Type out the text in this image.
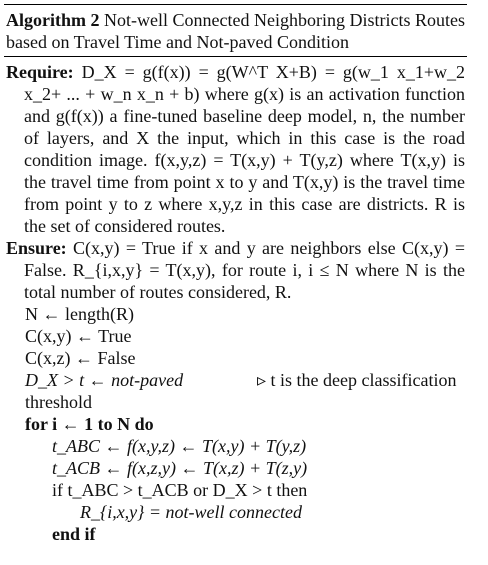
Algorithm 2 Not-well Connected Neighboring Districts Routes based on Travel Time and Not-paved Condition
Require: D_X = g(f(x)) = g(W^T X+B) = g(w_1 x_1+w_2 x_2+ ... + w_n x_n + b) where g(x) is an activation function and g(f(x)) a fine-tuned baseline deep model, n, the number of layers, and X the input, which in this case is the road condition image. f(x,y,z) = T(x,y) + T(y,z) where T(x,y) is the travel time from point x to y and T(x,y) is the travel time from point y to z where x,y,z in this case are districts. R is the set of considered routes.
Ensure: C(x,y) = True if x and y are neighbors else C(x,y) = False. R_{i,x,y} = T(x,y), for route i, i ≤ N where N is the total number of routes considered, R.
N ← length(R)
C(x,y) ← True
C(x,z) ← False
D_X > t ← not-paved	▹ t is the deep classification
threshold
for i ← 1 to N do
t_ABC ← f(x,y,z) ← T(x,y) + T(y,z)
t_ACB ← f(x,z,y) ← T(x,z) + T(z,y)
if t_ABC > t_ACB or D_X > t then
R_{i,x,y} = not-well connected
end if
